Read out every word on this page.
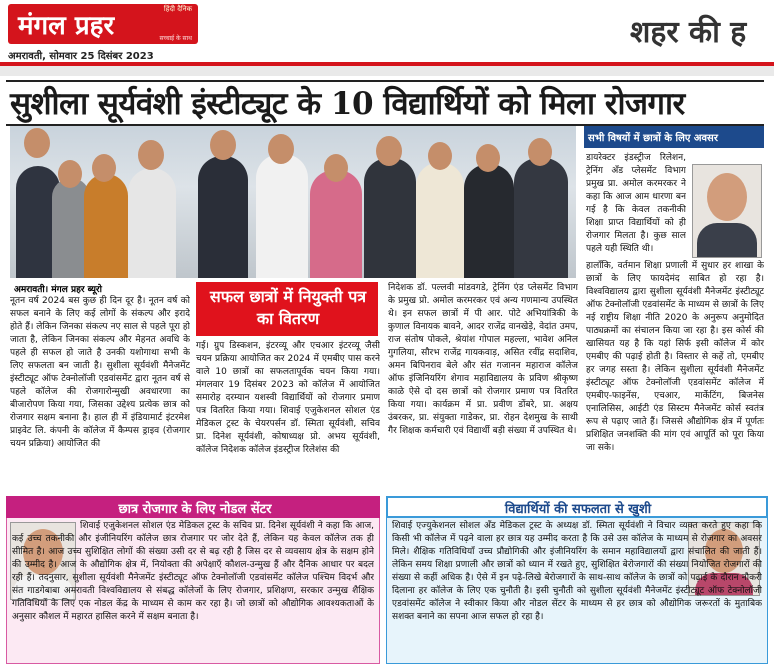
मंगल प्रहर
हिंदी दैनिक
सच्चाई के साथ
अमरावती, सोमवार 25 दिसंबर 2023
शहर की ह
सुशीला सूर्यवंशी इंस्टीट्यूट के 10 विद्यार्थियों को मिला रोजगार
अमरावती। मंगल प्रहर ब्यूरो
नूतन वर्ष 2024 बस कुछ ही दिन दूर है। नूतन वर्ष को सफल बनाने के लिए कई लोगों के संकल्प और इरादे होते हैं। लेकिन जिनका संकल्प नए साल से पहले पूरा हो जाता है, लेकिन जिनका संकल्प और मेहनत अवधि के पहले ही सफल हो जाते है उनकी यशोगाथा सभी के लिए सफलता बन जाती है। सुशीला सूर्यवंशी मैनेजमेंट इंस्टीट्यूट ऑफ टेक्नोलॉजी एडवांसमेंट द्वारा नूतन वर्ष से पहले कॉलेज की रोजगारोन्मुखी अवधारणा का बीजारोपण किया गया, जिसका उद्देश्य प्रत्येक छात्र को रोजगार सक्षम बनाना है। हाल ही में इंडियामार्ट इंटरमेश प्राइवेट लि. कंपनी के कॉलेज में कैम्पस ड्राइव (रोजगार चयन प्रक्रिया) आयोजित की
सफल छात्रों में नियुक्ती पत्र का वितरण
गई। ग्रुप डिस्कशन, इंटरव्यू और एचआर इंटरव्यू जैसी चयन प्रक्रिया आयोजित कर 2024 में एमबीए पास करने वाले 10 छात्रों का सफलतापूर्वक चयन किया गया। मंगलवार 19 दिसंबर 2023 को कॉलेज में आयोजित समारोह दरम्यान यशस्वी विद्यार्थियों को रोजगार प्रमाण पत्र वितरित किया गया। शिवाई एजुकेशनल सोशल एंड मेडिकल ट्रस्ट के चेयरपर्सन डॉ. स्मिता सूर्यवंशी, सचिव प्रा. दिनेश सूर्यवंशी, कोषाध्यक्ष प्रो. अभय सूर्यवंशी, कॉलेज निदेशक कॉलेज इंडस्ट्रीज रिलेशंस की
निदेशक डॉ. पल्लवी मांडवगडे, ट्रेनिंग एंड प्लेसमेंट विभाग के प्रमुख प्रो. अमोल करमरकर एवं अन्य गणमान्य उपस्थित थे। इन सफल छात्रों में पी आर. पोटे अभियांत्रिकी के कुणाल विनायक बावने, आदर राजेंद्र वानखेड़े, वेदांत उमप, राज संतोष पोकले, श्रेयांश गोपाल महल्ला, भावेश अनिल गुगलिया, सौरभ राजेंद्र गायकवाड़, असित रवींद्र सदाशिव, अमन बिपिनराव बेले और संत गजानन महाराज कॉलेज ऑफ इंजिनियरिंग शेगाव महाविद्यालय के प्रविण श्रीकृष्ण काळे ऐसे दो दस छात्रों को रोजगार प्रमाण पत्र वितरित किया गया। कार्यक्रम में प्रा. प्रवीण डोंबरे, प्रा. अक्षय उंबरकर, प्रा. संयुक्ता गाडेकर, प्रा. रोहन देशमुख के साथी गैर शिक्षक कर्मचारी एवं विद्यार्थी बड़ी संख्या में उपस्थित थे।
सभी विषयों में छात्रों के लिए अवसर
डायरेक्टर इंडस्ट्रीज रिलेशन, ट्रेनिंग अँड प्लेसमेंट विभाग प्रमुख प्रा. अमोल करमरकर ने कहा कि आज आम धारणा बन गई है कि केवल तकनीकी शिक्षा प्राप्त विद्यार्थियों को ही रोजगार मिलता है। कुछ साल पहले यही स्थिति थी।
हालाँकि, वर्तमान शिक्षा प्रणाली में सुधार हर शाखा के छात्रों के लिए फायदेमंद साबित हो रहा है। विश्वविद्यालय द्वारा सुशीला सूर्यवंशी मैनेजमेंट इंस्टीट्यूट ऑफ टेक्नोलॉजी एडवांसमेंट के माध्यम से छात्रों के लिए नई राष्ट्रीय शिक्षा नीति 2020 के अनुरूप अनुमोदित पाठ्यक्रमों का संचालन किया जा रहा है। इस कोर्स की खासियत यह है कि यहां सिर्फ इसी कॉलेज में कोर एमबीए की पढ़ाई होती है। विस्तार से कहें तो, एमबीए हर जगह सस्ता है। लेकिन सुशीला सूर्यवंशी मैनेजमेंट इंस्टीट्यूट ऑफ टेक्नोलॉजी एडवांसमेंट कॉलेज में एमबीए-फाइनेंस, एचआर, मार्केटिंग, बिजनेस एनालिसिस, आईटी एंड सिस्टम मैनेजमेंट कोर्स स्वतंत्र रूप से पढ़ाए जाते हैं। जिससे औद्योगिक क्षेत्र में पूर्णतः प्रशिक्षित जनशक्ति की मांग एवं आपूर्ति को पूरा किया जा सके।
छात्र रोजगार के लिए नोडल सेंटर
शिवाई एजुकेशनल सोशल एंड मेडिकल ट्रस्ट के सचिव प्रा. दिनेश सूर्यवंशी ने कहा कि आज, कई उच्च तकनीकी और इंजीनियरिंग कॉलेज छात्र रोजगार पर जोर देते हैं, लेकिन यह केवल कॉलेज तक ही सीमित है। आज उच्च सुशिक्षित लोगों की संख्या उसी दर से बढ़ रही है जिस दर से व्यवसाय क्षेत्र के सक्षम होने की उम्मीद है। आज के औद्योगिक क्षेत्र में, नियोक्ता की अपेक्षाएँ कौशल-उन्मुख हैं और दैनिक आधार पर बदल रही हैं। तदनुसार, सुशीला सूर्यवंशी मैनेजमेंट इंस्टीट्यूट ऑफ टेक्नोलॉजी एडवांसमेंट कॉलेज पश्चिम विदर्भ और संत गाडगेबाबा अमरावती विश्वविद्यालय से संबद्ध कॉलेजों के लिए रोजगार, प्रशिक्षण, सरकार उन्मुख शैक्षिक गतिविधियों के लिए एक नोडल केंद्र के माध्यम से काम कर रहा है। जो छात्रों को औद्योगिक आवश्यकताओं के अनुसार कौशल में महारत हासिल करने में सक्षम बनाता है।
विद्यार्थियों की सफलता से खुशी
शिवाई एज्युकेशनल सोशल अँड मेडिकल ट्रस्ट के अध्यक्ष डॉ. स्मिता सूर्यवंशी ने विचार व्यक्त करते हुए कहा कि किसी भी कॉलेज में पढ़ने वाला हर छात्र यह उम्मीद करता है कि उसे उस कॉलेज के माध्यम से रोजगार का अवसर मिले। शैक्षिक गतिविधियाँ उच्च प्रौद्योगिकी और इंजीनियरिंग के समान महाविद्यालयों द्वारा संचालित की जाती हैं। लेकिन समय शिक्षा प्रणाली और छात्रों को ध्यान में रखते हुए, सुशिक्षित बेरोजगारों की संख्या नियोजित रोजगारों की संख्या से कहीं अधिक है। ऐसे में इन पढ़े-लिखे बेरोजगारों के साथ-साथ कॉलेज के छात्रों को पढ़ाई के दौरान नौकरी दिलाना हर कॉलेज के लिए एक चुनौती है। इसी चुनौती को सुशीला सूर्यवंशी मैनेजमेंट इंस्टीट्यूट ऑफ टेक्नोलॉजी एडवांसमेंट कॉलेज ने स्वीकार किया और नोडल सेंटर के माध्यम से हर छात्र को औद्योगिक जरूरतों के मुताबिक सशक्त बनाने का सपना आज सफल हो रहा है।
